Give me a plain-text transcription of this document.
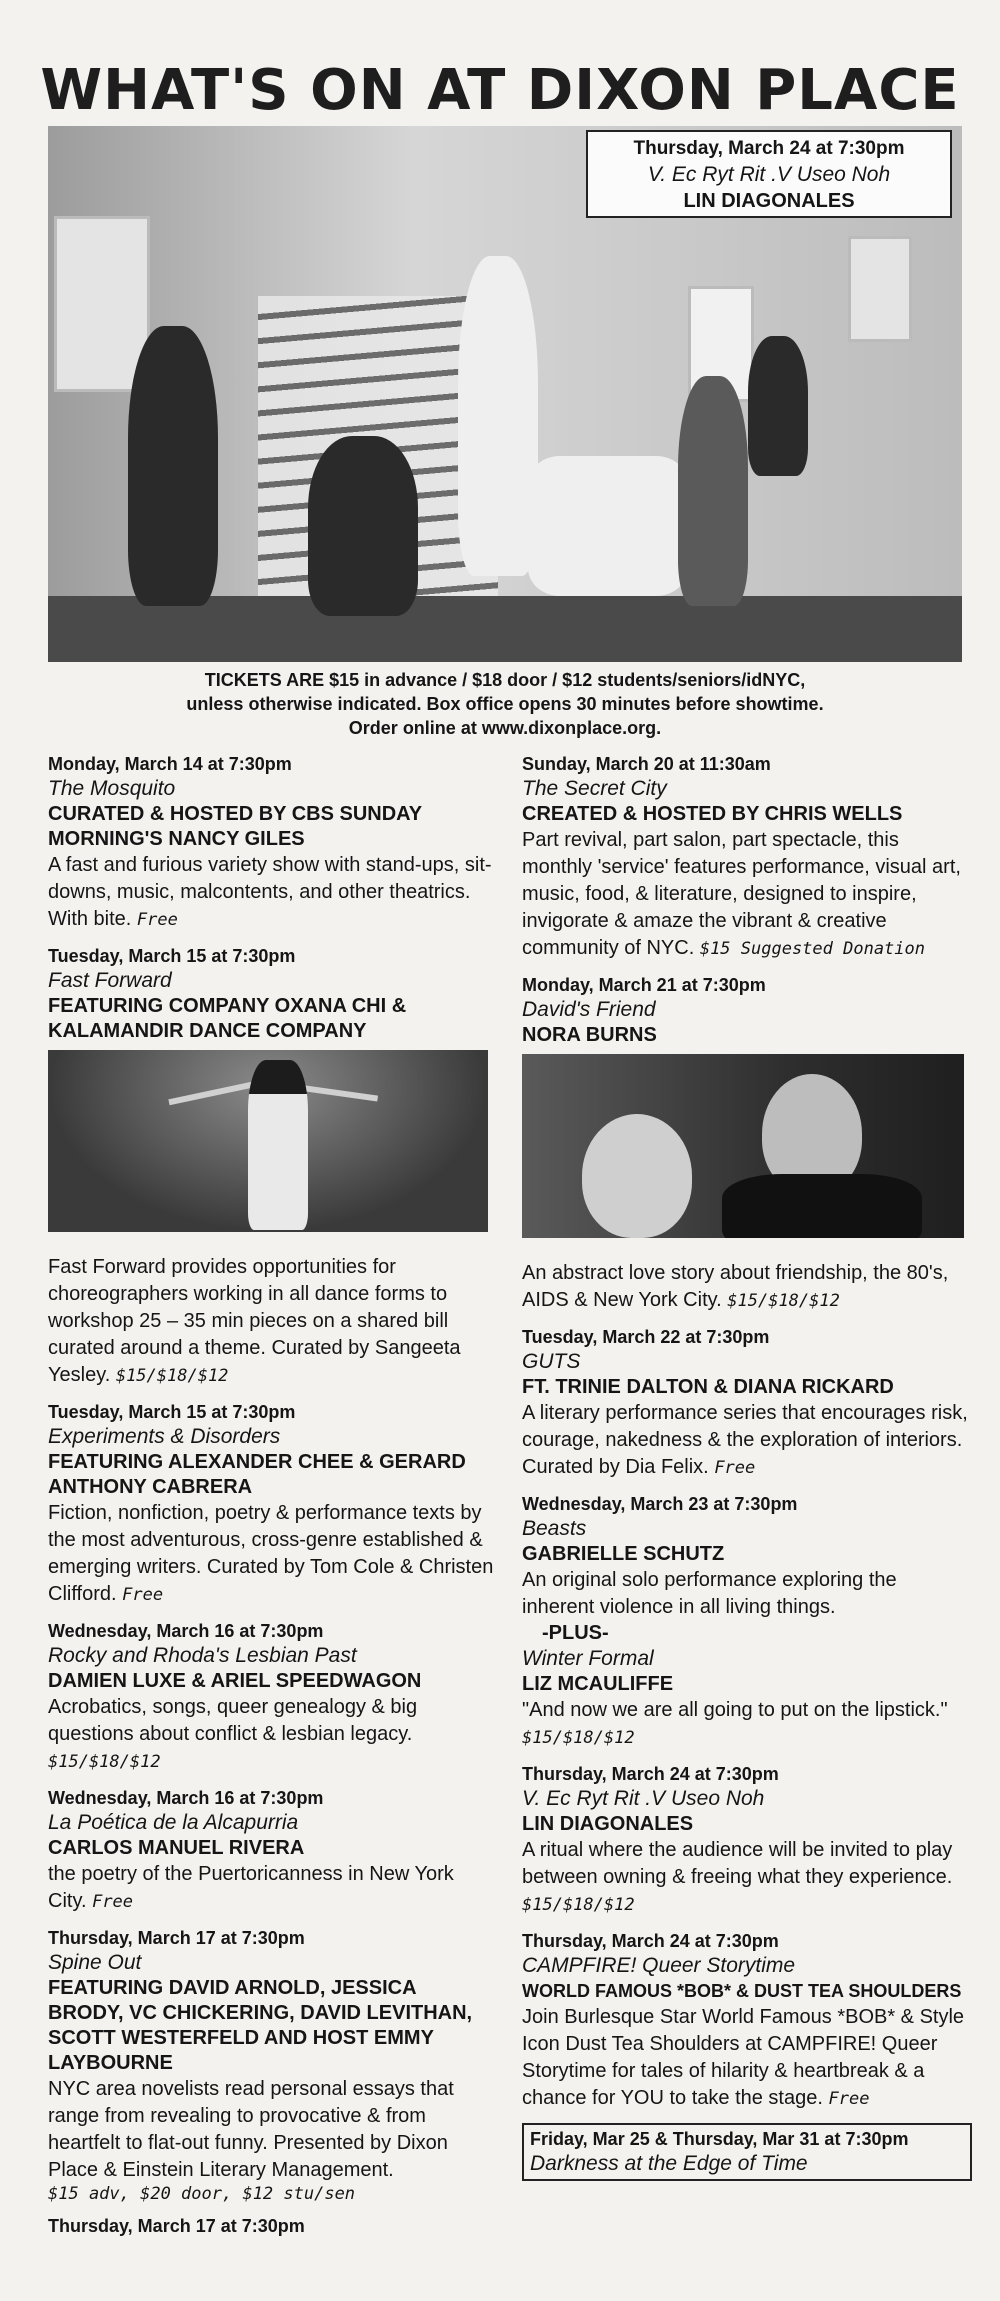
WHAT'S ON AT DIXON PLACE
Thursday, March 24 at 7:30pm
V. Ec Ryt Rit .V Useo Noh
LIN DIAGONALES
TICKETS ARE $15 in advance / $18 door / $12 students/seniors/idNYC,
unless otherwise indicated. Box office opens 30 minutes before showtime.
Order online at www.dixonplace.org.
Monday, March 14 at 7:30pm
The Mosquito
CURATED & HOSTED BY CBS SUNDAY MORNING'S NANCY GILES
A fast and furious variety show with stand-ups, sit-downs, music, malcontents, and other theatrics. With bite. Free
Tuesday, March 15 at 7:30pm
Fast Forward
FEATURING COMPANY OXANA CHI & KALAMANDIR DANCE COMPANY
Fast Forward provides opportunities for choreographers working in all dance forms to workshop 25 – 35 min pieces on a shared bill curated around a theme. Curated by Sangeeta Yesley. $15/$18/$12
Tuesday, March 15 at 7:30pm
Experiments & Disorders
FEATURING ALEXANDER CHEE & GERARD ANTHONY CABRERA
Fiction, nonfiction, poetry & performance texts by the most adventurous, cross-genre established & emerging writers. Curated by Tom Cole & Christen Clifford. Free
Wednesday, March 16 at 7:30pm
Rocky and Rhoda's Lesbian Past
DAMIEN LUXE & ARIEL SPEEDWAGON
Acrobatics, songs, queer genealogy & big questions about conflict & lesbian legacy. $15/$18/$12
Wednesday, March 16 at 7:30pm
La Poética de la Alcapurria
CARLOS MANUEL RIVERA
the poetry of the Puertoricanness in New York City. Free
Thursday, March 17 at 7:30pm
Spine Out
FEATURING DAVID ARNOLD, JESSICA BRODY, VC CHICKERING, DAVID LEVITHAN, SCOTT WESTERFELD AND HOST EMMY LAYBOURNE
NYC area novelists read personal essays that range from revealing to provocative & from heartfelt to flat-out funny. Presented by Dixon Place & Einstein Literary Management.
$15 adv, $20 door, $12 stu/sen
Thursday, March 17 at 7:30pm
Sunday, March 20 at 11:30am
The Secret City
CREATED & HOSTED BY CHRIS WELLS
Part revival, part salon, part spectacle, this monthly 'service' features performance, visual art, music, food, & literature, designed to inspire, invigorate & amaze the vibrant & creative community of NYC. $15 Suggested Donation
Monday, March 21 at 7:30pm
David's Friend
NORA BURNS
An abstract love story about friendship, the 80's, AIDS & New York City. $15/$18/$12
Tuesday, March 22 at 7:30pm
GUTS
FT. TRINIE DALTON & DIANA RICKARD
A literary performance series that encourages risk, courage, nakedness & the exploration of interiors. Curated by Dia Felix. Free
Wednesday, March 23 at 7:30pm
Beasts
GABRIELLE SCHUTZ
An original solo performance exploring the inherent violence in all living things.
-PLUS-
Winter Formal
LIZ MCAULIFFE
"And now we are all going to put on the lipstick." $15/$18/$12
Thursday, March 24 at 7:30pm
V. Ec Ryt Rit .V Useo Noh
LIN DIAGONALES
A ritual where the audience will be invited to play between owning & freeing what they experience. $15/$18/$12
Thursday, March 24 at 7:30pm
CAMPFIRE! Queer Storytime
WORLD FAMOUS *BOB* & DUST TEA SHOULDERS
Join Burlesque Star World Famous *BOB* & Style Icon Dust Tea Shoulders at CAMPFIRE! Queer Storytime for tales of hilarity & heartbreak & a chance for YOU to take the stage. Free
Friday, Mar 25 & Thursday, Mar 31 at 7:30pm
Darkness at the Edge of Time
